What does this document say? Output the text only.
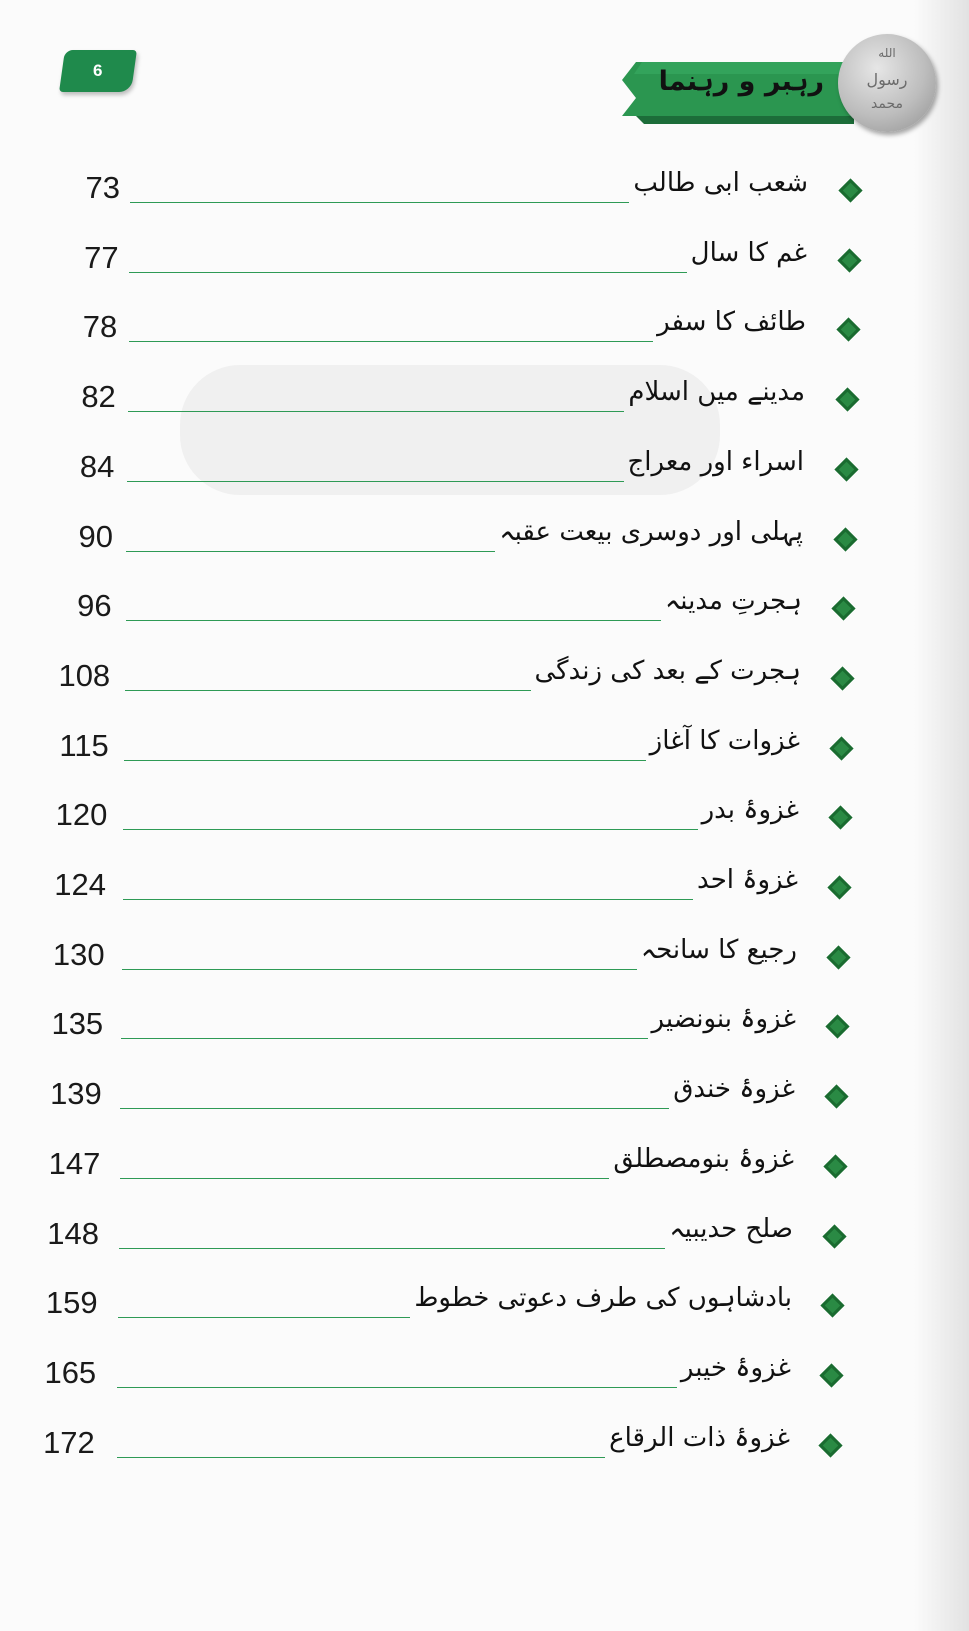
6	رہبر و رہنما
الله
رسول
محمد
73	شعب ابی طالب
77	غم کا سال
78	طائف کا سفر
82	مدینے میں اسلام
84	اسراء اور معراج
90	پہلی اور دوسری بیعت عقبہ
96	ہجرتِ مدینہ
108	ہجرت کے بعد کی زندگی
115	غزوات کا آغاز
120	غزوۂ بدر
124	غزوۂ احد
130	رجیع کا سانحہ
135	غزوۂ بنونضیر
139	غزوۂ خندق
147	غزوۂ بنومصطلق
148	صلح حدیبیہ
159	بادشاہوں کی طرف دعوتی خطوط
165	غزوۂ خیبر
172	غزوۂ ذات الرقاع
